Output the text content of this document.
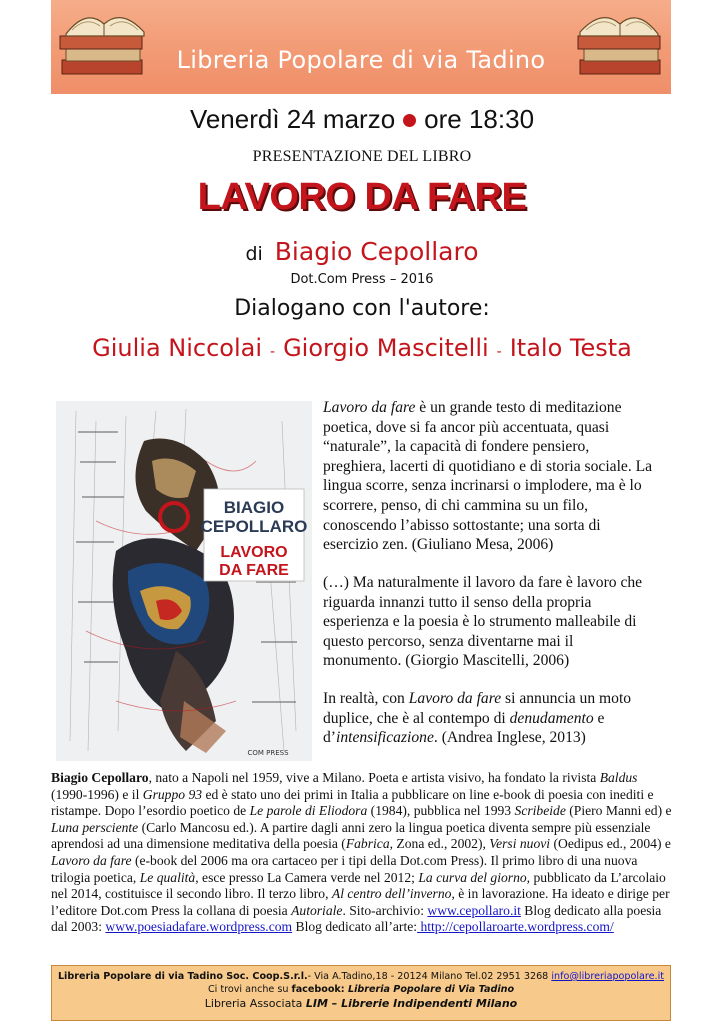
Libreria Popolare di via Tadino
Venerdì 24 marzo ore 18:30
PRESENTAZIONE DEL LIBRO
LAVORO DA FARE
di Biagio Cepollaro
Dot.Com Press – 2016
Dialogano con l'autore:
Giulia Niccolai - Giorgio Mascitelli - Italo Testa
BIAGIO
CEPOLLARO
LAVORO
DA FARE
COM PRESS

Lavoro da fare è un grande testo di meditazione poetica, dove si fa ancor più accentuata, quasi “naturale”, la capacità di fondere pensiero, preghiera, lacerti di quotidiano e di storia sociale. La lingua scorre, senza incrinarsi o implodere, ma è lo scorrere, penso, di chi cammina su un filo, conoscendo l’abisso sottostante; una sorta di esercizio zen. (Giuliano Mesa, 2006)

(…) Ma naturalmente il lavoro da fare è lavoro che riguarda innanzi tutto il senso della propria esperienza e la poesia è lo strumento malleabile di questo percorso, senza diventarne mai il monumento. (Giorgio Mascitelli, 2006)

In realtà, con Lavoro da fare si annuncia un moto duplice, che è al contempo di denudamento e d’intensificazione. (Andrea Inglese, 2013)

Biagio Cepollaro, nato a Napoli nel 1959, vive a Milano. Poeta e artista visivo, ha fondato la rivista Baldus (1990-1996) e il Gruppo 93 ed è stato uno dei primi in Italia a pubblicare on line e-book di poesia con inediti e ristampe. Dopo l’esordio poetico de Le parole di Eliodora (1984), pubblica nel 1993 Scribeide (Piero Manni ed) e Luna persciente (Carlo Mancosu ed.). A partire dagli anni zero la lingua poetica diventa sempre più essenziale aprendosi ad una dimensione meditativa della poesia (Fabrica, Zona ed., 2002), Versi nuovi (Oedipus ed., 2004) e Lavoro da fare (e-book del 2006 ma ora cartaceo per i tipi della Dot.com Press). Il primo libro di una nuova trilogia poetica, Le qualità, esce presso La Camera verde nel 2012; La curva del giorno, pubblicato da L’arcolaio nel 2014, costituisce il secondo libro. Il terzo libro, Al centro dell’inverno, è in lavorazione. Ha ideato e dirige per l’editore Dot.com Press la collana di poesia Autoriale. Sito-archivio: www.cepollaro.it Blog dedicato alla poesia dal 2003: www.poesiadafare.wordpress.com Blog dedicato all’arte: http://cepollaroarte.wordpress.com/

Libreria Popolare di via Tadino Soc. Coop.S.r.l.- Via A.Tadino,18 - 20124 Milano Tel.02 2951 3268 info@libreriapopolare.it
Ci trovi anche su facebook: Libreria Popolare di Via Tadino
Libreria Associata LIM – Librerie Indipendenti Milano
